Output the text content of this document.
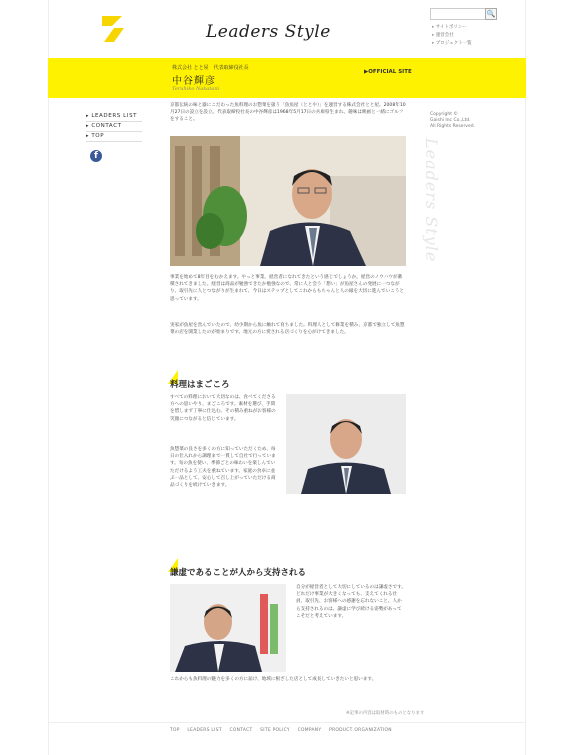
Leaders Style
🔍
▸ サイトポリシー
▸ 運営会社
▸ プロジェクト一覧
株式会社 とと屋　代表取締役社長
中谷輝彦
Teruhiko Nakatani
▶OFFICIAL SITE
▸ LEADERS LIST
▸ CONTACT
▸ TOP
f
Copyright ©
Gaishi Inc Co.,Ltd.
All Rights Reserved.
Leaders Style
京都伝統の味と器にこだわった魚料理のお惣菜を扱う「魚魚屋（ととや）」を運営する株式会社とと屋。2008年10月27日の設立を設立。代表取締役社長の中谷輝彦は1968年5月17日の兵庫県生まれ。趣味は映画と一緒にゴルフをすること。
事業を始めて8年目をむかえます。やっと事業、経営者になれてきたという感じでしょうか。経営のノウハウが蓄積されてきました。経営は商品が勉強できたか勉強なので、常に人と会う「想い」が魚屋さんの発展に一つながり、取引先に人とつながりが生まれて、今日はステップとしてこれからもちゃんと人の縁を大切に進んでいこうと思っています。
実家が魚屋を営んでいたので、幼少期から魚に触れて育ちました。料理人として修業を積み、京都で独立して魚惣菜の店を開業したのが始まりです。地元の方に愛される店づくりを心がけてきました。
料理はまごころ
すべての料理において大切なのは、食べてくださる方への思いやり、まごころです。素材を選び、手間を惜しまず丁寧に仕込む。その積み重ねがお客様の笑顔につながると信じています。
魚惣菜の良さを多くの方に知っていただくため、毎日の仕入れから調理まで一貫して自社で行っています。旬の魚を使い、季節ごとの味わいを楽しんでいただけるよう工夫を重ねています。家庭の食卓に並ぶ一品として、安心して召し上がっていただける商品づくりを続けていきます。
謙虚であることが人から支持される
自分が経営者として大切にしているのは謙虚さです。どれだけ事業が大きくなっても、支えてくれる社員、取引先、お客様への感謝を忘れないこと。人から支持されるのは、謙虚に学び続ける姿勢があってこそだと考えています。
これからも魚料理の魅力を多くの方に届け、地域に根ざした店として成長していきたいと思います。
※記事の内容は取材時のものとなります
TOP LEADERS LIST CONTACT SITE POLICY COMPANY PRODUCT ORGANIZATION
